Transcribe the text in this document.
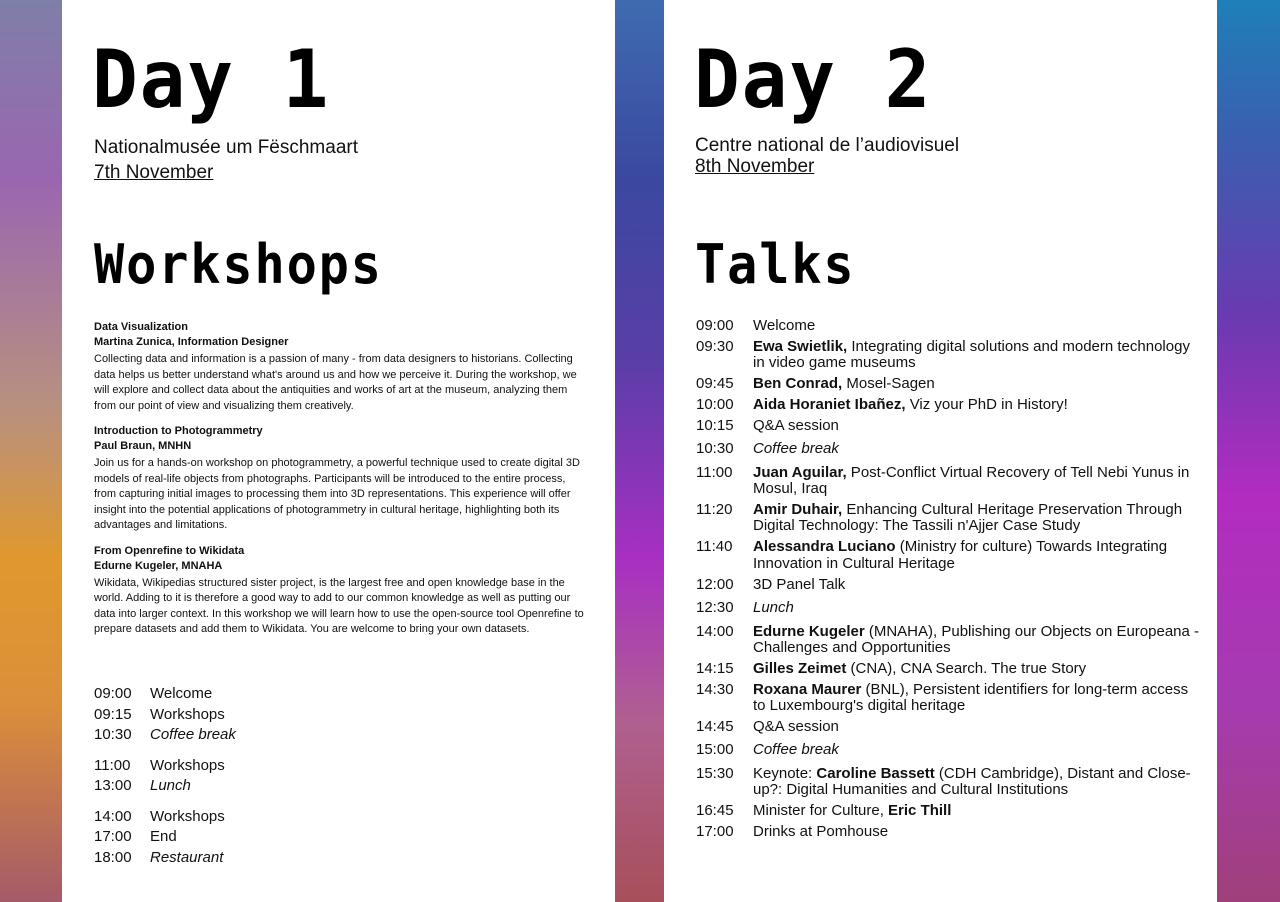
Day 1
Nationalmusée um Fëschmaart
7th November
Workshops
Data Visualization
Martina Zunica, Information Designer
Collecting data and information is a passion of many - from data designers to historians. Collecting data helps us better understand what's around us and how we perceive it. During the workshop, we will explore and collect data about the antiquities and works of art at the museum, analyzing them from our point of view and visualizing them creatively.
Introduction to Photogrammetry
Paul Braun, MNHN
Join us for a hands-on workshop on photogrammetry, a powerful technique used to create digital 3D models of real-life objects from photographs. Participants will be introduced to the entire process, from capturing initial images to processing them into 3D representations. This experience will offer insight into the potential applications of photogrammetry in cultural heritage, highlighting both its advantages and limitations.
From Openrefine to Wikidata
Edurne Kugeler, MNAHA
Wikidata, Wikipedias structured sister project, is the largest free and open knowledge base in the world. Adding to it is therefore a good way to add to our common knowledge as well as putting our data into larger context. In this workshop we will learn how to use the open-source tool Openrefine to prepare datasets and add them to Wikidata. You are welcome to bring your own datasets.
09:00	Welcome
09:15	Workshops
10:30	Coffee break
11:00	Workshops
13:00	Lunch
14:00	Workshops
17:00	End
18:00	Restaurant
Day 2
Centre national de l’audiovisuel
8th November
Talks
09:00	Welcome
09:30	Ewa Swietlik, Integrating digital solutions and modern technology in video game museums
09:45	Ben Conrad, Mosel-Sagen
10:00	Aida Horaniet Ibañez, Viz your PhD in History!
10:15	Q&A session
10:30	Coffee break
11:00	Juan Aguilar, Post-Conflict Virtual Recovery of Tell Nebi Yunus in Mosul, Iraq
11:20	Amir Duhair, Enhancing Cultural Heritage Preservation Through Digital Technology: The Tassili n'Ajjer Case Study
11:40	Alessandra Luciano (Ministry for culture) Towards Integrating Innovation in Cultural Heritage
12:00	3D Panel Talk
12:30	Lunch
14:00	Edurne Kugeler (MNAHA), Publishing our Objects on Europeana - Challenges and Opportunities
14:15	Gilles Zeimet (CNA), CNA Search. The true Story
14:30	Roxana Maurer (BNL), Persistent identifiers for long-term access to Luxembourg's digital heritage
14:45	Q&A session
15:00	Coffee break
15:30	Keynote: Caroline Bassett (CDH Cambridge), Distant and Close-up?: Digital Humanities and Cultural Institutions
16:45	Minister for Culture, Eric Thill
17:00	Drinks at Pomhouse
